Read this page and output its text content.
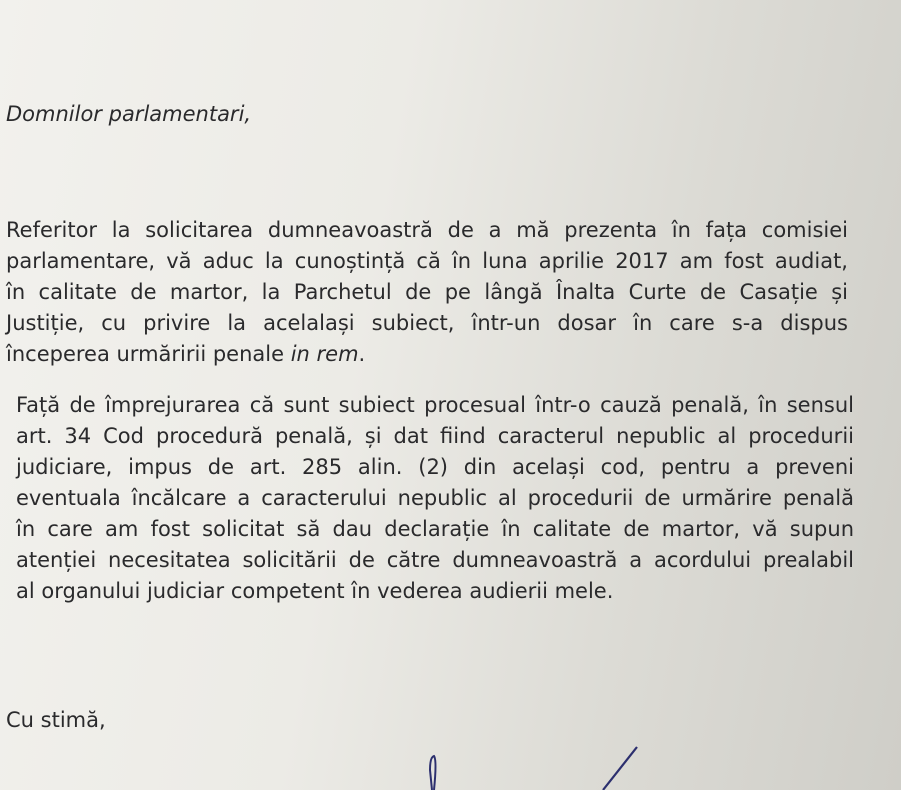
Domnilor parlamentari,
Referitor la solicitarea dumneavoastră de a mă prezenta în fața comisiei
parlamentare, vă aduc la cunoștință că în luna aprilie 2017 am fost audiat,
în calitate de martor, la Parchetul de pe lângă Înalta Curte de Casație și
Justiție, cu privire la acelalași subiect, într-un dosar în care s-a dispus
începerea urmăririi penale in rem.
Față de împrejurarea că sunt subiect procesual într-o cauză penală, în sensul
art. 34 Cod procedură penală, și dat fiind caracterul nepublic al procedurii
judiciare, impus de art. 285 alin. (2) din același cod, pentru a preveni
eventuala încălcare a caracterului nepublic al procedurii de urmărire penală
în care am fost solicitat să dau declarație în calitate de martor, vă supun
atenției necesitatea solicitării de către dumneavoastră a acordului prealabil
al organului judiciar competent în vederea audierii mele.
Cu stimă,
